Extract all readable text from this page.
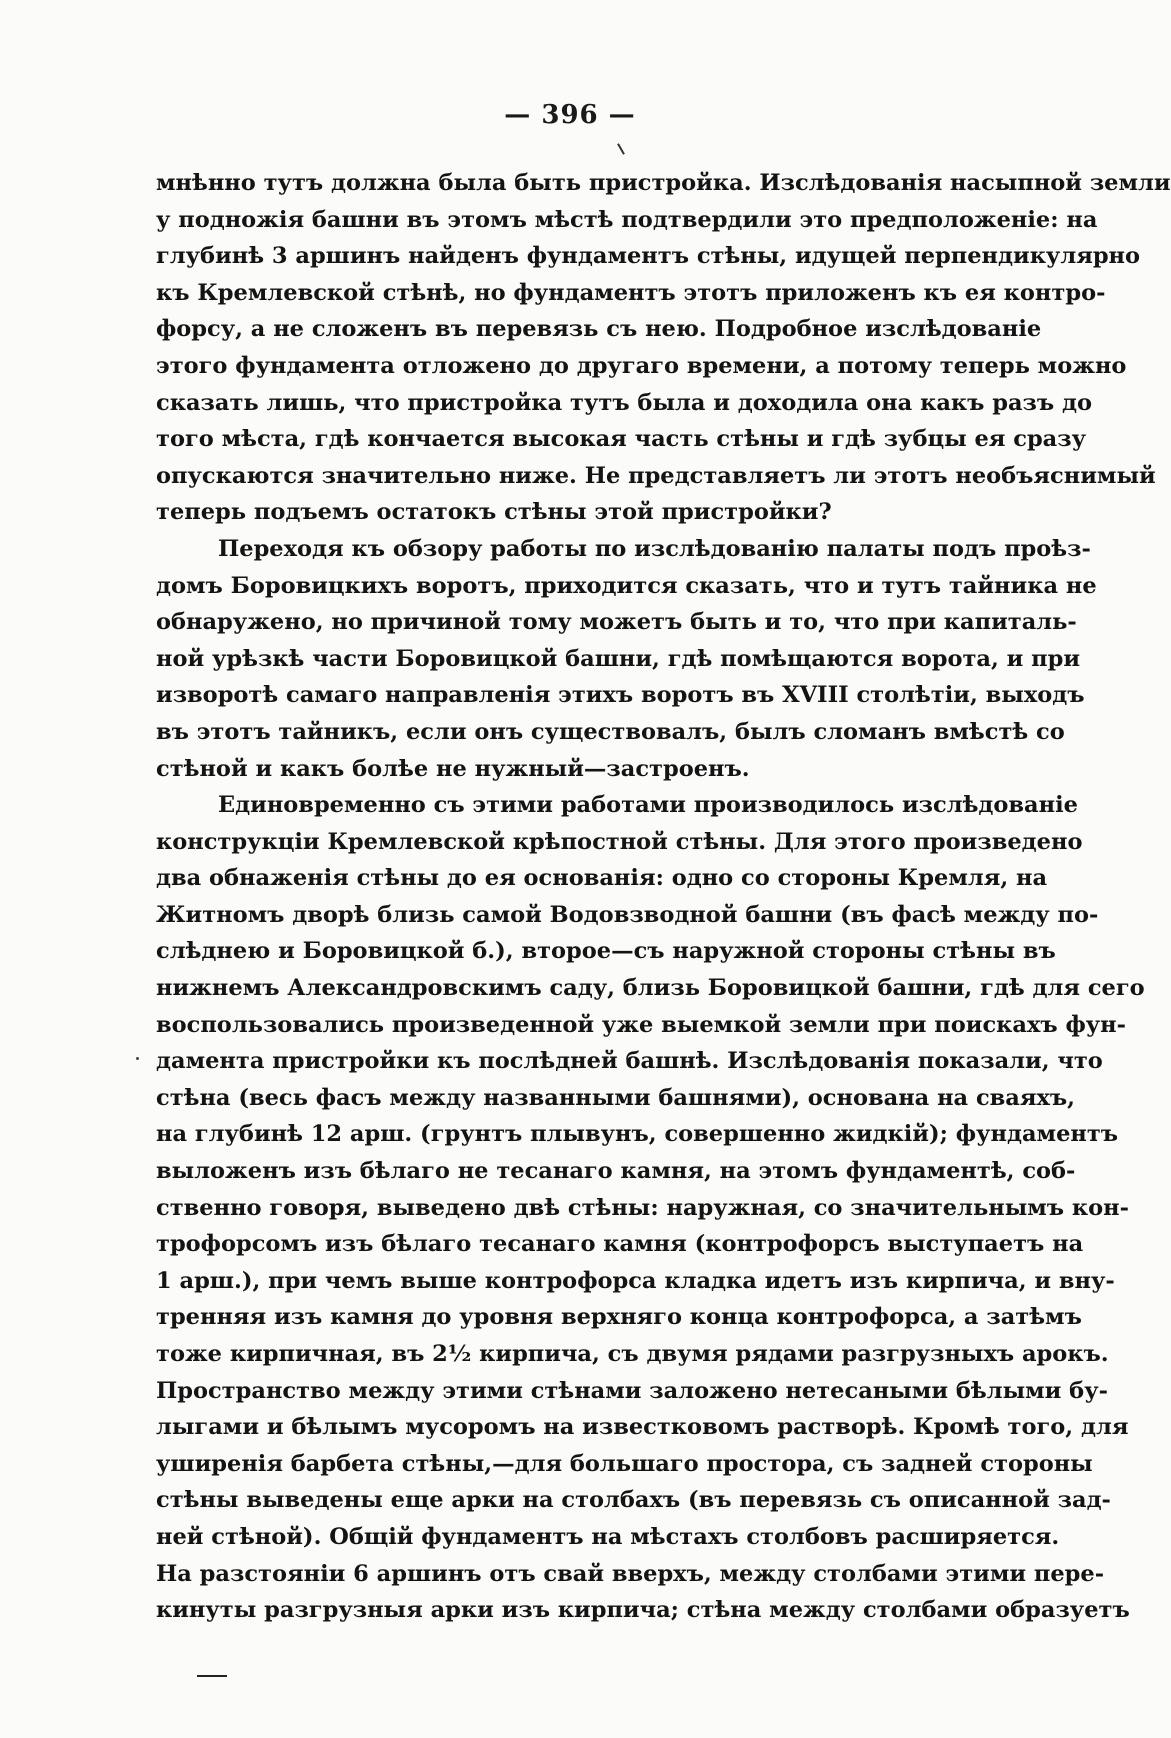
— 396 —
мнѣнно тутъ должна была быть пристройка. Изслѣдованія насыпной земли
у подножія башни въ этомъ мѣстѣ подтвердили это предположеніе: на
глубинѣ 3 аршинъ найденъ фундаментъ стѣны, идущей перпендикулярно
къ Кремлевской стѣнѣ, но фундаментъ этотъ приложенъ къ ея контро-
форсу, а не сложенъ въ перевязь съ нею. Подробное изслѣдованіе
этого фундамента отложено до другаго времени, а потому теперь можно
сказать лишь, что пристройка тутъ была и доходила она какъ разъ до
того мѣста, гдѣ кончается высокая часть стѣны и гдѣ зубцы ея сразу
опускаются значительно ниже. Не представляетъ ли этотъ необъяснимый
теперь подъемъ остатокъ стѣны этой пристройки?
Переходя къ обзору работы по изслѣдованію палаты подъ проѣз-
домъ Боровицкихъ воротъ, приходится сказать, что и тутъ тайника не
обнаружено, но причиной тому можетъ быть и то, что при капиталь-
ной урѣзкѣ части Боровицкой башни, гдѣ помѣщаются ворота, и при
изворотѣ самаго направленія этихъ воротъ въ XVIII столѣтіи, выходъ
въ этотъ тайникъ, если онъ существовалъ, былъ сломанъ вмѣстѣ со
стѣной и какъ болѣе не нужный—застроенъ.
Единовременно съ этими работами производилось изслѣдованіе
конструкціи Кремлевской крѣпостной стѣны. Для этого произведено
два обнаженія стѣны до ея основанія: одно со стороны Кремля, на
Житномъ дворѣ близь самой Водовзводной башни (въ фасѣ между по-
слѣднею и Боровицкой б.), второе—съ наружной стороны стѣны въ
нижнемъ Александровскимъ саду, близь Боровицкой башни, гдѣ для сего
воспользовались произведенной уже выемкой земли при поискахъ фун-
дамента пристройки къ послѣдней башнѣ. Изслѣдованія показали, что
стѣна (весь фасъ между названными башнями), основана на сваяхъ,
на глубинѣ 12 арш. (грунтъ плывунъ, совершенно жидкій); фундаментъ
выложенъ изъ бѣлаго не тесанаго камня, на этомъ фундаментѣ, соб-
ственно говоря, выведено двѣ стѣны: наружная, со значительнымъ кон-
трофорсомъ изъ бѣлаго тесанаго камня (контрофорсъ выступаетъ на
1 арш.), при чемъ выше контрофорса кладка идетъ изъ кирпича, и вну-
тренняя изъ камня до уровня верхняго конца контрофорса, а затѣмъ
тоже кирпичная, въ 2½ кирпича, съ двумя рядами разгрузныхъ арокъ.
Пространство между этими стѣнами заложено нетесаными бѣлыми бу-
лыгами и бѣлымъ мусоромъ на известковомъ растворѣ. Кромѣ того, для
уширенія барбета стѣны,—для большаго простора, съ задней стороны
стѣны выведены еще арки на столбахъ (въ перевязь съ описанной зад-
ней стѣной). Общій фундаментъ на мѣстахъ столбовъ расширяется.
На разстояніи 6 аршинъ отъ свай вверхъ, между столбами этими пере-
кинуты разгрузныя арки изъ кирпича; стѣна между столбами образуетъ
